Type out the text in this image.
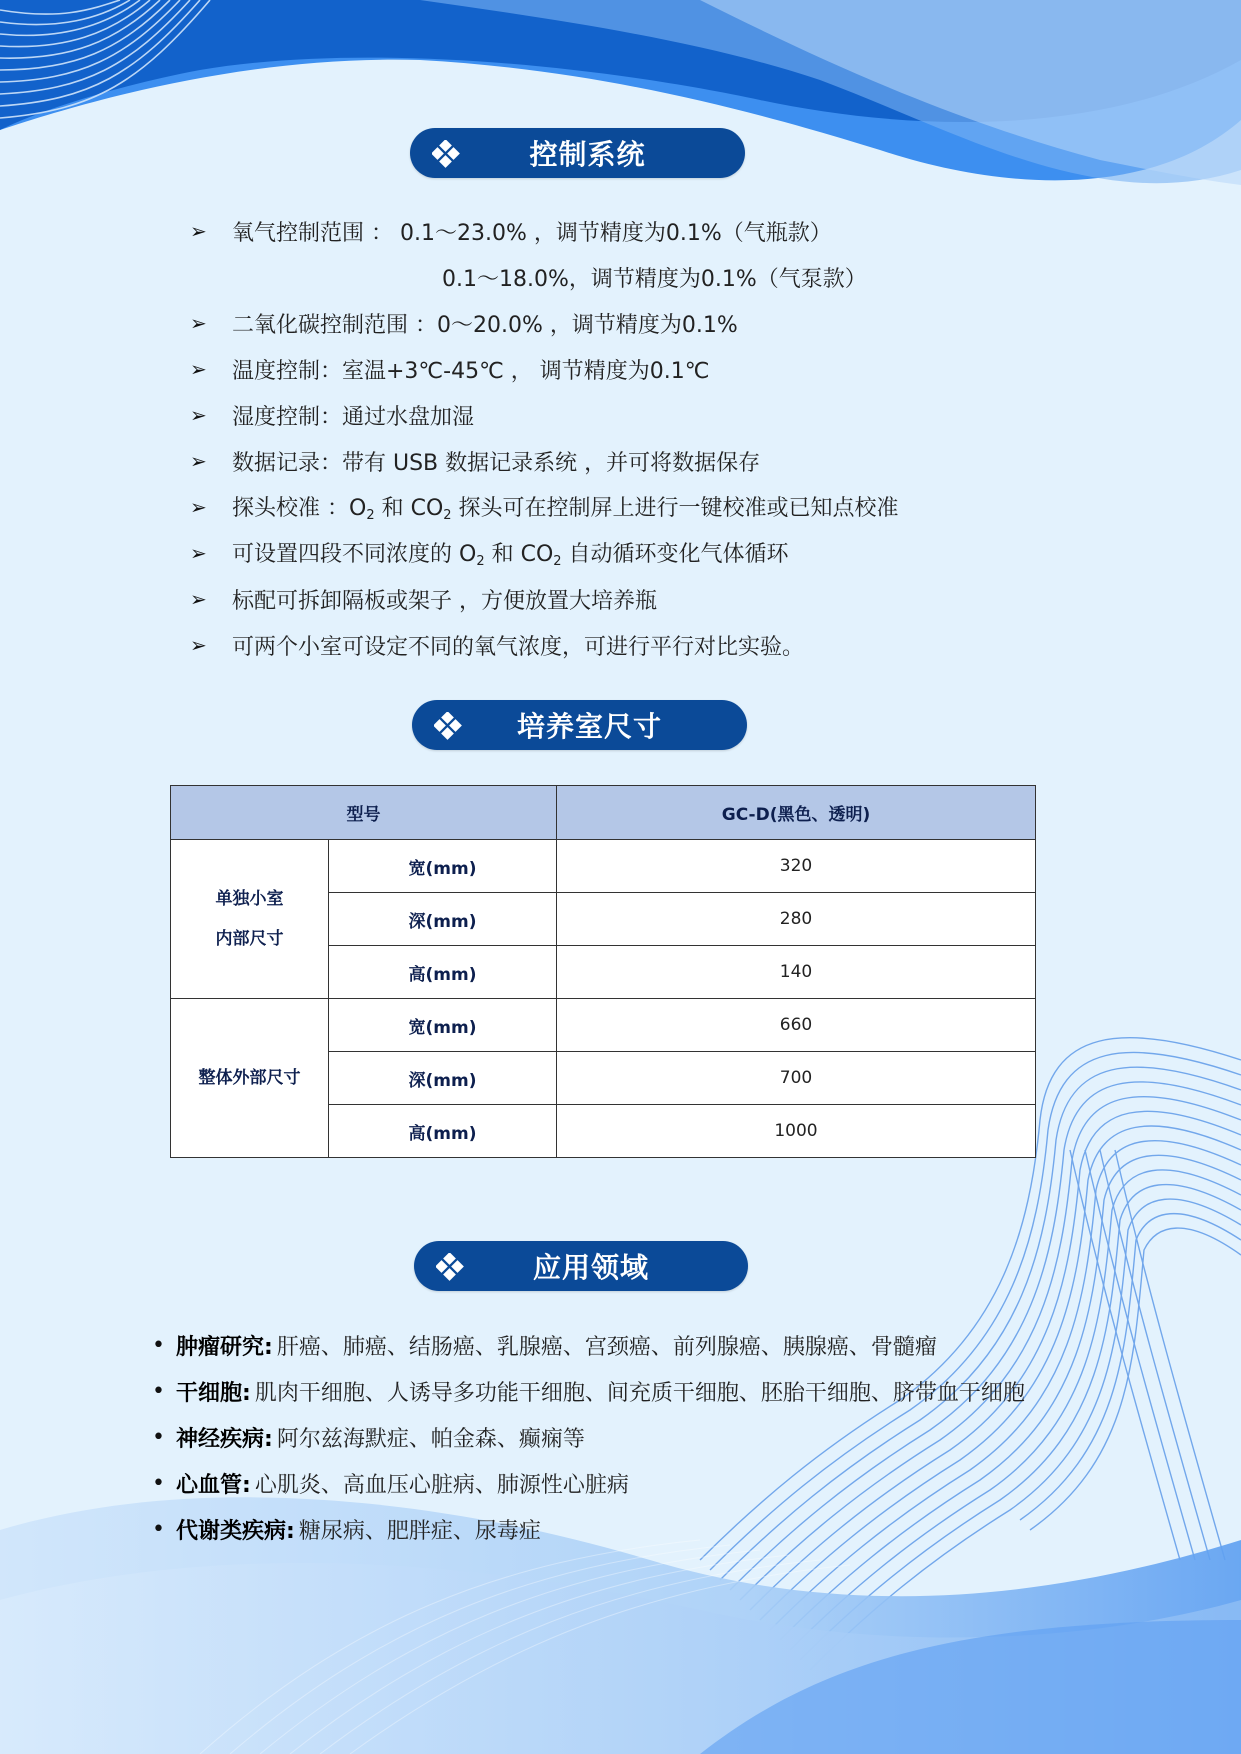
控制系统
➢	氧气控制范围 ： 0.1～23.0% ，调节精度为0.1%（气瓶款）
0.1～18.0%，调节精度为0.1%（气泵款）
➢	二氧化碳控制范围 ：0～20.0% ，调节精度为0.1%
➢	温度控制：室温+3℃-45℃ ， 调节精度为0.1℃
➢	湿度控制：通过水盘加湿
➢	数据记录：带有 USB 数据记录系统 ，并可将数据保存
➢	探头校准 ：$O_2$ 和 $CO_2$ 探头可在控制屏上进行一键校准或已知点校准
➢	可设置四段不同浓度的 $O_2$ 和 $CO_2$ 自动循环变化气体循环
➢	标配可拆卸隔板或架子 ，方便放置大培养瓶
➢	可两个小室可设定不同的氧气浓度，可进行平行对比实验。
培养室尺寸
型号		GC-D(黑色、透明)

单独小室
内部尺寸	宽(mm)	320
	深(mm)	280
	高(mm)	140
整体外部尺寸	宽(mm)	660
	深(mm)	700
	高(mm)	1000
应用领域
• 肿瘤研究: 肝癌、肺癌、结肠癌、乳腺癌、宫颈癌、前列腺癌、胰腺癌、骨髓瘤
• 干细胞: 肌肉干细胞、人诱导多功能干细胞、间充质干细胞、胚胎干细胞、脐带血干细胞
• 神经疾病: 阿尔兹海默症、帕金森、癫痫等
• 心血管: 心肌炎、高血压心脏病、肺源性心脏病
• 代谢类疾病: 糖尿病、肥胖症、尿毒症
